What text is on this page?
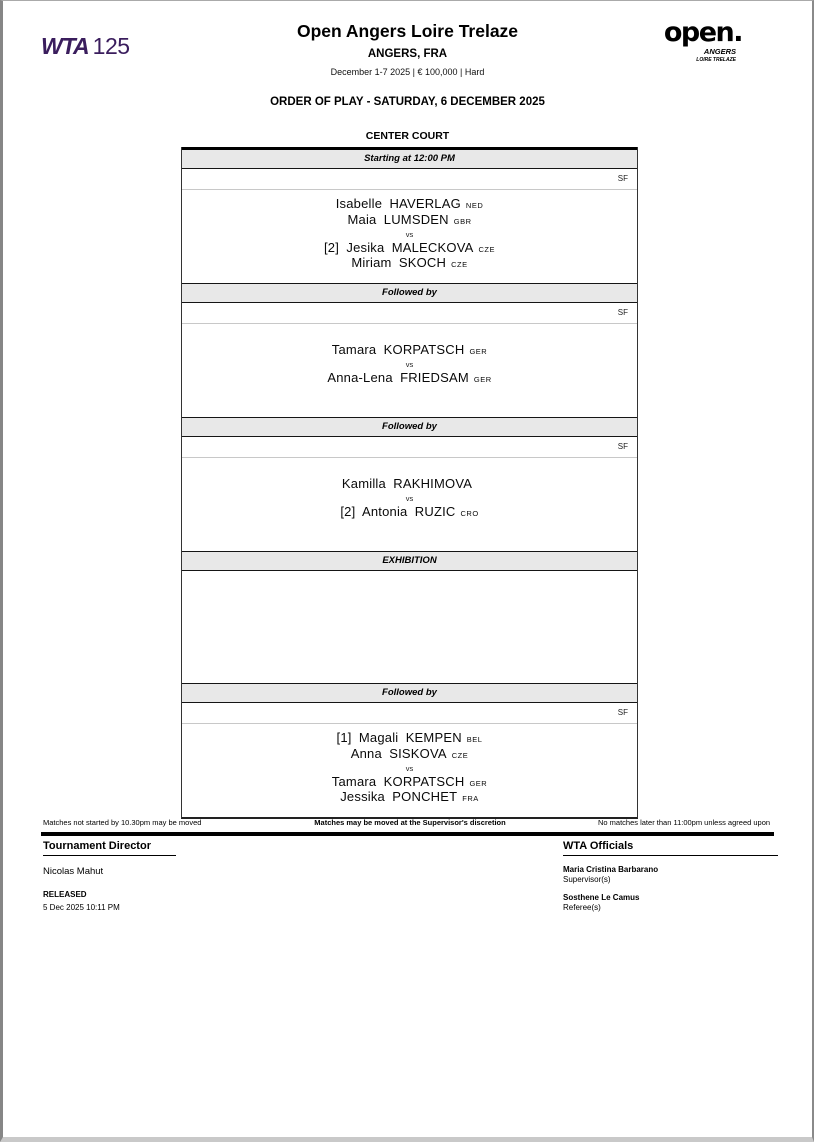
WTA 125
Open Angers Loire Trelaze
ANGERS, FRA
December 1-7 2025 | € 100,000 | Hard
open.
ANGERS
LOIRE TRELAZE
ORDER OF PLAY - SATURDAY, 6 DECEMBER 2025
CENTER COURT
Starting at 12:00 PM
SF
Isabelle HAVERLAG NED
Maia LUMSDEN GBR
vs
[2] Jesika MALECKOVA CZE
Miriam SKOCH CZE
Followed by
SF
Tamara KORPATSCH GER
vs
Anna-Lena FRIEDSAM GER
Followed by
SF
Kamilla RAKHIMOVA
vs
[2] Antonia RUZIC CRO
EXHIBITION
Followed by
SF
[1] Magali KEMPEN BEL
Anna SISKOVA CZE
vs
Tamara KORPATSCH GER
Jessika PONCHET FRA
Matches not started by 10.30pm may be moved	Matches may be moved at the Supervisor's discretion	No matches later than 11:00pm unless agreed upon
Tournament Director
Nicolas Mahut
RELEASED
5 Dec 2025 10:11 PM
WTA Officials
Maria Cristina Barbarano
Supervisor(s)
Sosthene Le Camus
Referee(s)
